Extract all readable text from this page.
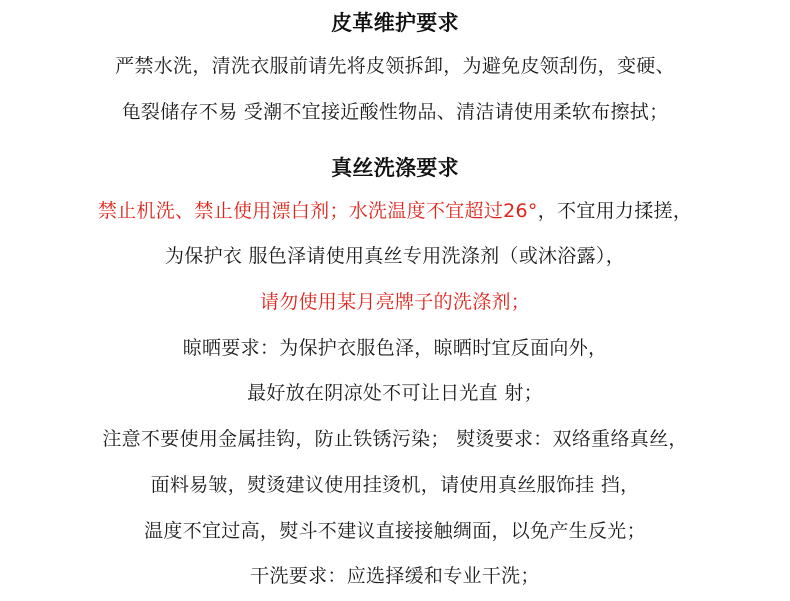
皮革维护要求
严禁水洗，清洗衣服前请先将皮领拆卸，为避免皮领刮伤，变硬、
龟裂储存不易 受潮不宜接近酸性物品、清洁请使用柔软布擦拭；
真丝洗涤要求
禁止机洗、禁止使用漂白剂；水洗温度不宜超过26°，不宜用力揉搓，
为保护衣 服色泽请使用真丝专用洗涤剂（或沐浴露），
请勿使用某月亮牌子的洗涤剂；
晾晒要求：为保护衣服色泽，晾晒时宜反面向外，
最好放在阴凉处不可让日光直 射；
注意不要使用金属挂钩，防止铁锈污染； 熨烫要求：双络重络真丝，
面料易皱，熨烫建议使用挂烫机，请使用真丝服饰挂 挡，
温度不宜过高，熨斗不建议直接接触绸面，以免产生反光；
干洗要求：应选择缓和专业干洗；
